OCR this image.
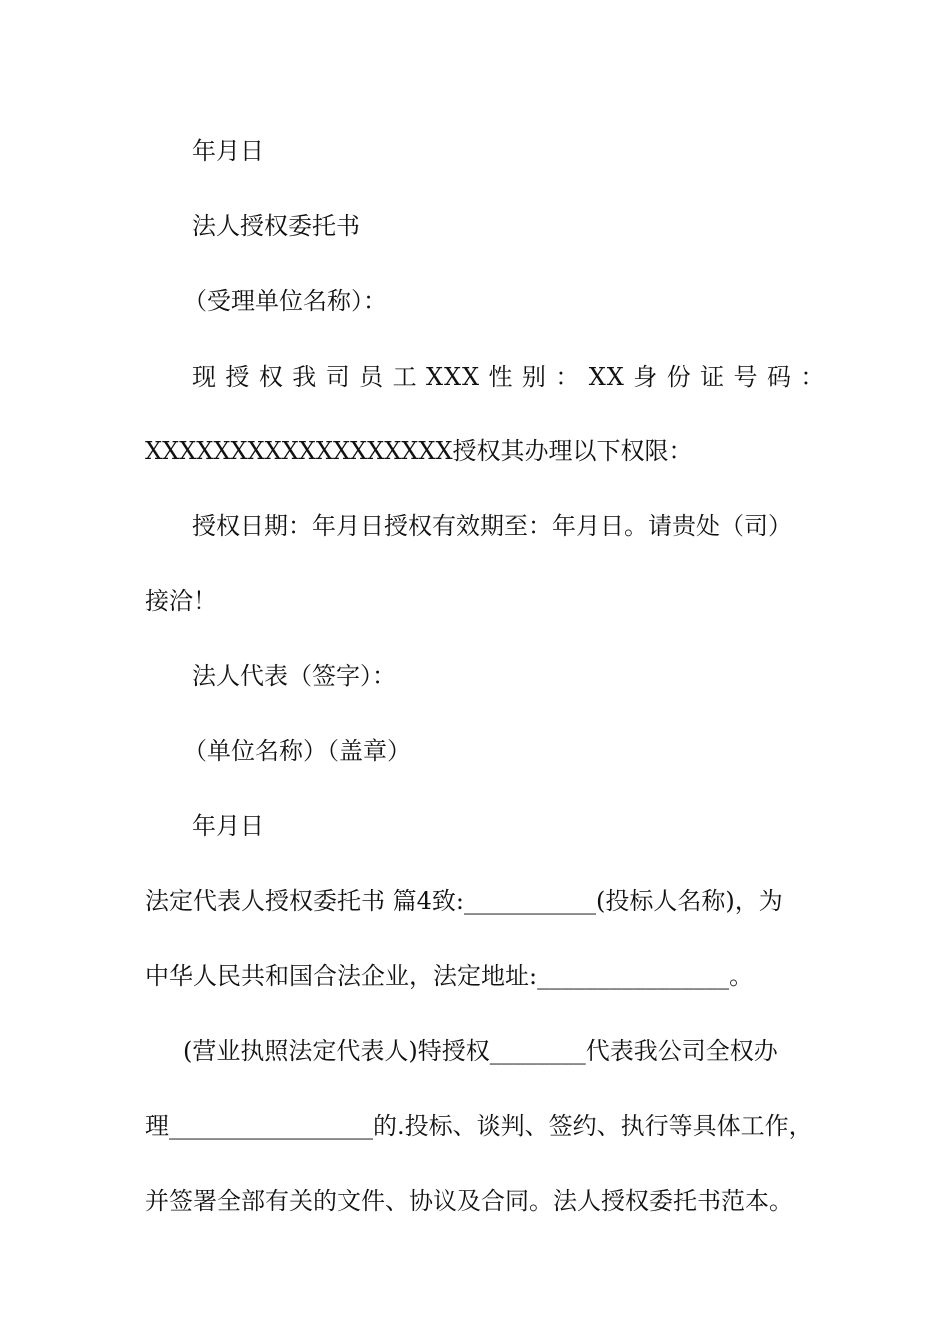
年月日
法人授权委托书
（受理单位名称）：
现 授 权 我 司 员 工 XXX 性 别 ： XX 身 份 证 号 码 ：
XXXXXXXXXXXXXXXXXX授权其办理以下权限：
授权日期：年月日授权有效期至：年月日。请贵处（司）
接洽！
法人代表（签字）：
（单位名称）（盖章）
年月日
法定代表人授权委托书 篇4致:___________(投标人名称)，为
中华人民共和国合法企业，法定地址:________________。
(营业执照法定代表人)特授权________代表我公司全权办
理_________________的.投标、谈判、签约、执行等具体工作，
并签署全部有关的文件、协议及合同。法人授权委托书范本。
